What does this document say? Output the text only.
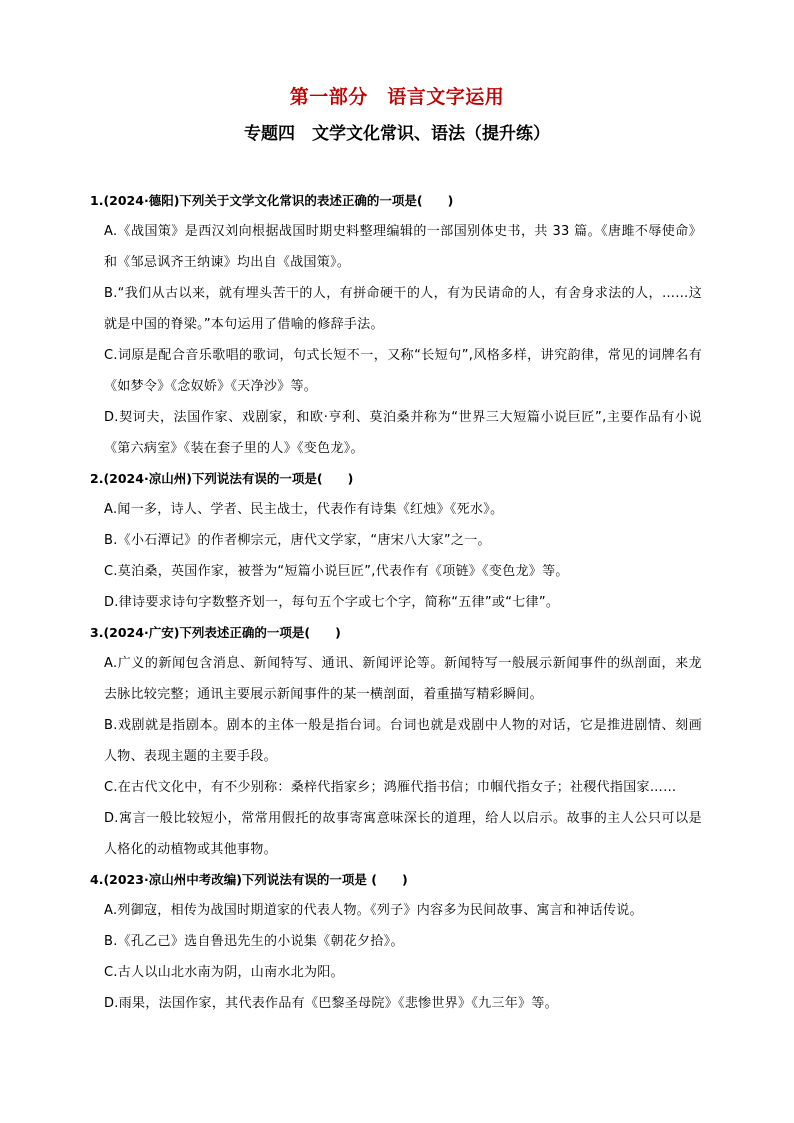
第一部分　语言文字运用
专题四　文学文化常识、语法（提升练）
1.(2024·德阳)下列关于文学文化常识的表述正确的一项是(　　)
A.《战国策》是西汉刘向根据战国时期史料整理编辑的一部国别体史书，共 33 篇。《唐雎不辱使命》和《邹忌讽齐王纳谏》均出自《战国策》。
B.“我们从古以来，就有埋头苦干的人，有拼命硬干的人，有为民请命的人，有舍身求法的人，……这就是中国的脊梁。”本句运用了借喻的修辞手法。
C.词原是配合音乐歌唱的歌词，句式长短不一，又称“长短句”,风格多样，讲究韵律，常见的词牌名有《如梦令》《念奴娇》《天净沙》等。
D.契诃夫，法国作家、戏剧家，和欧·亨利、莫泊桑并称为“世界三大短篇小说巨匠”,主要作品有小说《第六病室》《装在套子里的人》《变色龙》。
2.(2024·凉山州)下列说法有误的一项是(　　)
A.闻一多，诗人、学者、民主战士，代表作有诗集《红烛》《死水》。
B.《小石潭记》的作者柳宗元，唐代文学家，“唐宋八大家”之一。
C.莫泊桑，英国作家，被誉为“短篇小说巨匠”,代表作有《项链》《变色龙》等。
D.律诗要求诗句字数整齐划一，每句五个字或七个字，简称“五律”或“七律”。
3.(2024·广安)下列表述正确的一项是(　　)
A.广义的新闻包含消息、新闻特写、通讯、新闻评论等。新闻特写一般展示新闻事件的纵剖面，来龙去脉比较完整；通讯主要展示新闻事件的某一横剖面，着重描写精彩瞬间。
B.戏剧就是指剧本。剧本的主体一般是指台词。台词也就是戏剧中人物的对话，它是推进剧情、刻画人物、表现主题的主要手段。
C.在古代文化中，有不少别称：桑梓代指家乡；鸿雁代指书信；巾帼代指女子；社稷代指国家……
D.寓言一般比较短小，常常用假托的故事寄寓意味深长的道理，给人以启示。故事的主人公只可以是人格化的动植物或其他事物。
4.(2023·凉山州中考改编)下列说法有误的一项是 (　　)
A.列御寇，相传为战国时期道家的代表人物。《列子》内容多为民间故事、寓言和神话传说。
B.《孔乙己》选自鲁迅先生的小说集《朝花夕拾》。
C.古人以山北水南为阴，山南水北为阳。
D.雨果，法国作家，其代表作品有《巴黎圣母院》《悲惨世界》《九三年》等。
